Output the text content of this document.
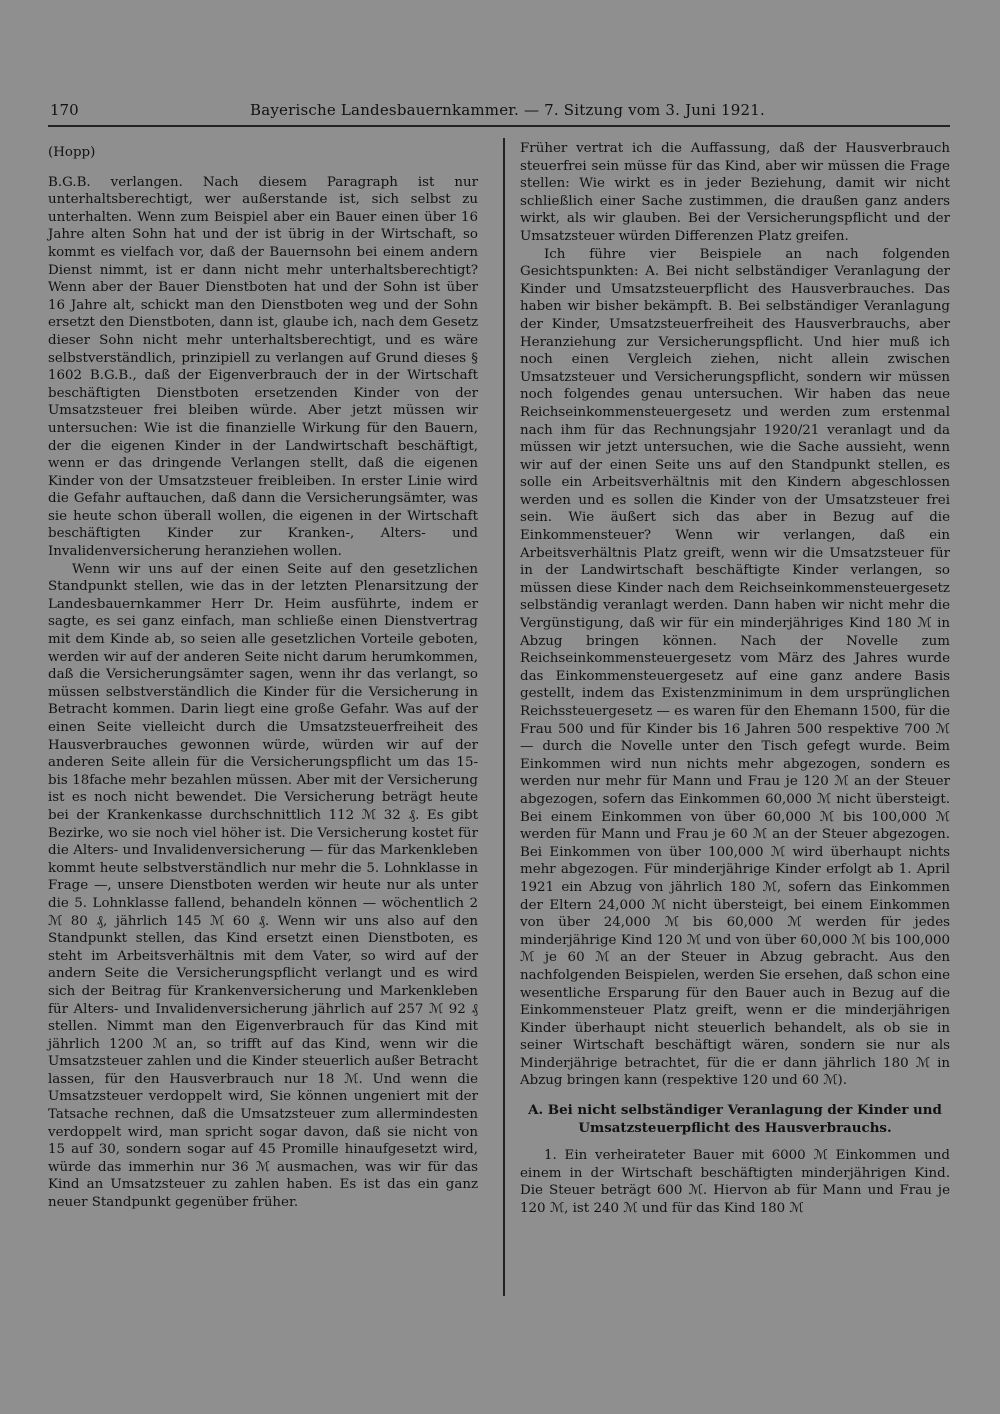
170	Bayerische Landesbauernkammer. — 7. Sitzung vom 3. Juni 1921.
(Hopp)

B.G.B. verlangen. Nach diesem Paragraph ist nur unterhaltsberechtigt, wer außerstande ist, sich selbst zu unterhalten. Wenn zum Beispiel aber ein Bauer einen über 16 Jahre alten Sohn hat und der ist übrig in der Wirtschaft, so kommt es vielfach vor, daß der Bauernsohn bei einem andern Dienst nimmt, ist er dann nicht mehr unterhaltsberechtigt? Wenn aber der Bauer Dienstboten hat und der Sohn ist über 16 Jahre alt, schickt man den Dienstboten weg und der Sohn ersetzt den Dienstboten, dann ist, glaube ich, nach dem Gesetz dieser Sohn nicht mehr unterhaltsberechtigt, und es wäre selbstverständlich, prinzipiell zu verlangen auf Grund dieses § 1602 B.G.B., daß der Eigenverbrauch der in der Wirtschaft beschäftigten Dienstboten ersetzenden Kinder von der Umsatzsteuer frei bleiben würde. Aber jetzt müssen wir untersuchen: Wie ist die finanzielle Wirkung für den Bauern, der die eigenen Kinder in der Landwirtschaft beschäftigt, wenn er das dringende Verlangen stellt, daß die eigenen Kinder von der Umsatzsteuer freibleiben. In erster Linie wird die Gefahr auftauchen, daß dann die Versicherungsämter, was sie heute schon überall wollen, die eigenen in der Wirtschaft beschäftigten Kinder zur Kranken-, Alters- und Invalidenversicherung heranziehen wollen.

Wenn wir uns auf der einen Seite auf den gesetzlichen Standpunkt stellen, wie das in der letzten Plenarsitzung der Landesbauernkammer Herr Dr. Heim ausführte, indem er sagte, es sei ganz einfach, man schließe einen Dienstvertrag mit dem Kinde ab, so seien alle gesetzlichen Vorteile geboten, werden wir auf der anderen Seite nicht darum herumkommen, daß die Versicherungsämter sagen, wenn ihr das verlangt, so müssen selbstverständlich die Kinder für die Versicherung in Betracht kommen. Darin liegt eine große Gefahr. Was auf der einen Seite vielleicht durch die Umsatzsteuerfreiheit des Hausverbrauches gewonnen würde, würden wir auf der anderen Seite allein für die Versicherungspflicht um das 15- bis 18fache mehr bezahlen müssen. Aber mit der Versicherung ist es noch nicht bewendet. Die Versicherung beträgt heute bei der Krankenkasse durchschnittlich 112 ℳ 32 ₰. Es gibt Bezirke, wo sie noch viel höher ist. Die Versicherung kostet für die Alters- und Invalidenversicherung — für das Markenkleben kommt heute selbstverständlich nur mehr die 5. Lohnklasse in Frage —, unsere Dienstboten werden wir heute nur als unter die 5. Lohnklasse fallend, behandeln können — wöchentlich 2 ℳ 80 ₰, jährlich 145 ℳ 60 ₰. Wenn wir uns also auf den Standpunkt stellen, das Kind ersetzt einen Dienstboten, es steht im Arbeitsverhältnis mit dem Vater, so wird auf der andern Seite die Versicherungspflicht verlangt und es wird sich der Beitrag für Krankenversicherung und Markenkleben für Alters- und Invalidenversicherung jährlich auf 257 ℳ 92 ₰ stellen. Nimmt man den Eigenverbrauch für das Kind mit jährlich 1200 ℳ an, so trifft auf das Kind, wenn wir die Umsatzsteuer zahlen und die Kinder steuerlich außer Betracht lassen, für den Hausverbrauch nur 18 ℳ. Und wenn die Umsatzsteuer verdoppelt wird, Sie können ungeniert mit der Tatsache rechnen, daß die Umsatzsteuer zum allermindesten verdoppelt wird, man spricht sogar davon, daß sie nicht von 15 auf 30, sondern sogar auf 45 Promille hinaufgesetzt wird, würde das immerhin nur 36 ℳ ausmachen, was wir für das Kind an Umsatzsteuer zu zahlen haben. Es ist das ein ganz neuer Standpunkt gegenüber früher.

Früher vertrat ich die Auffassung, daß der Hausverbrauch steuerfrei sein müsse für das Kind, aber wir müssen die Frage stellen: Wie wirkt es in jeder Beziehung, damit wir nicht schließlich einer Sache zustimmen, die draußen ganz anders wirkt, als wir glauben. Bei der Versicherungspflicht und der Umsatzsteuer würden Differenzen Platz greifen.

Ich führe vier Beispiele an nach folgenden Gesichtspunkten: A. Bei nicht selbständiger Veranlagung der Kinder und Umsatzsteuerpflicht des Hausverbrauches. Das haben wir bisher bekämpft. B. Bei selbständiger Veranlagung der Kinder, Umsatzsteuerfreiheit des Hausverbrauchs, aber Heranziehung zur Versicherungspflicht. Und hier muß ich noch einen Vergleich ziehen, nicht allein zwischen Umsatzsteuer und Versicherungspflicht, sondern wir müssen noch folgendes genau untersuchen. Wir haben das neue Reichseinkommensteuergesetz und werden zum erstenmal nach ihm für das Rechnungsjahr 1920/21 veranlagt und da müssen wir jetzt untersuchen, wie die Sache aussieht, wenn wir auf der einen Seite uns auf den Standpunkt stellen, es solle ein Arbeitsverhältnis mit den Kindern abgeschlossen werden und es sollen die Kinder von der Umsatzsteuer frei sein. Wie äußert sich das aber in Bezug auf die Einkommensteuer? Wenn wir verlangen, daß ein Arbeitsverhältnis Platz greift, wenn wir die Umsatzsteuer für in der Landwirtschaft beschäftigte Kinder verlangen, so müssen diese Kinder nach dem Reichseinkommensteuergesetz selbständig veranlagt werden. Dann haben wir nicht mehr die Vergünstigung, daß wir für ein minderjähriges Kind 180 ℳ in Abzug bringen können. Nach der Novelle zum Reichseinkommensteuergesetz vom März des Jahres wurde das Einkommensteuergesetz auf eine ganz andere Basis gestellt, indem das Existenzminimum in dem ursprünglichen Reichssteuergesetz — es waren für den Ehemann 1500, für die Frau 500 und für Kinder bis 16 Jahren 500 respektive 700 ℳ — durch die Novelle unter den Tisch gefegt wurde. Beim Einkommen wird nun nichts mehr abgezogen, sondern es werden nur mehr für Mann und Frau je 120 ℳ an der Steuer abgezogen, sofern das Einkommen 60,000 ℳ nicht übersteigt. Bei einem Einkommen von über 60,000 ℳ bis 100,000 ℳ werden für Mann und Frau je 60 ℳ an der Steuer abgezogen. Bei Einkommen von über 100,000 ℳ wird überhaupt nichts mehr abgezogen. Für minderjährige Kinder erfolgt ab 1. April 1921 ein Abzug von jährlich 180 ℳ, sofern das Einkommen der Eltern 24,000 ℳ nicht übersteigt, bei einem Einkommen von über 24,000 ℳ bis 60,000 ℳ werden für jedes minderjährige Kind 120 ℳ und von über 60,000 ℳ bis 100,000 ℳ je 60 ℳ an der Steuer in Abzug gebracht. Aus den nachfolgenden Beispielen, werden Sie ersehen, daß schon eine wesentliche Ersparung für den Bauer auch in Bezug auf die Einkommensteuer Platz greift, wenn er die minderjährigen Kinder überhaupt nicht steuerlich behandelt, als ob sie in seiner Wirtschaft beschäftigt wären, sondern sie nur als Minderjährige betrachtet, für die er dann jährlich 180 ℳ in Abzug bringen kann (respektive 120 und 60 ℳ).

A. Bei nicht selbständiger Veranlagung der Kinder und Umsatzsteuerpflicht des Hausverbrauchs.

1. Ein verheirateter Bauer mit 6000 ℳ Einkommen und einem in der Wirtschaft beschäftigten minderjährigen Kind. Die Steuer beträgt 600 ℳ. Hiervon ab für Mann und Frau je 120 ℳ, ist 240 ℳ und für das Kind 180 ℳ
